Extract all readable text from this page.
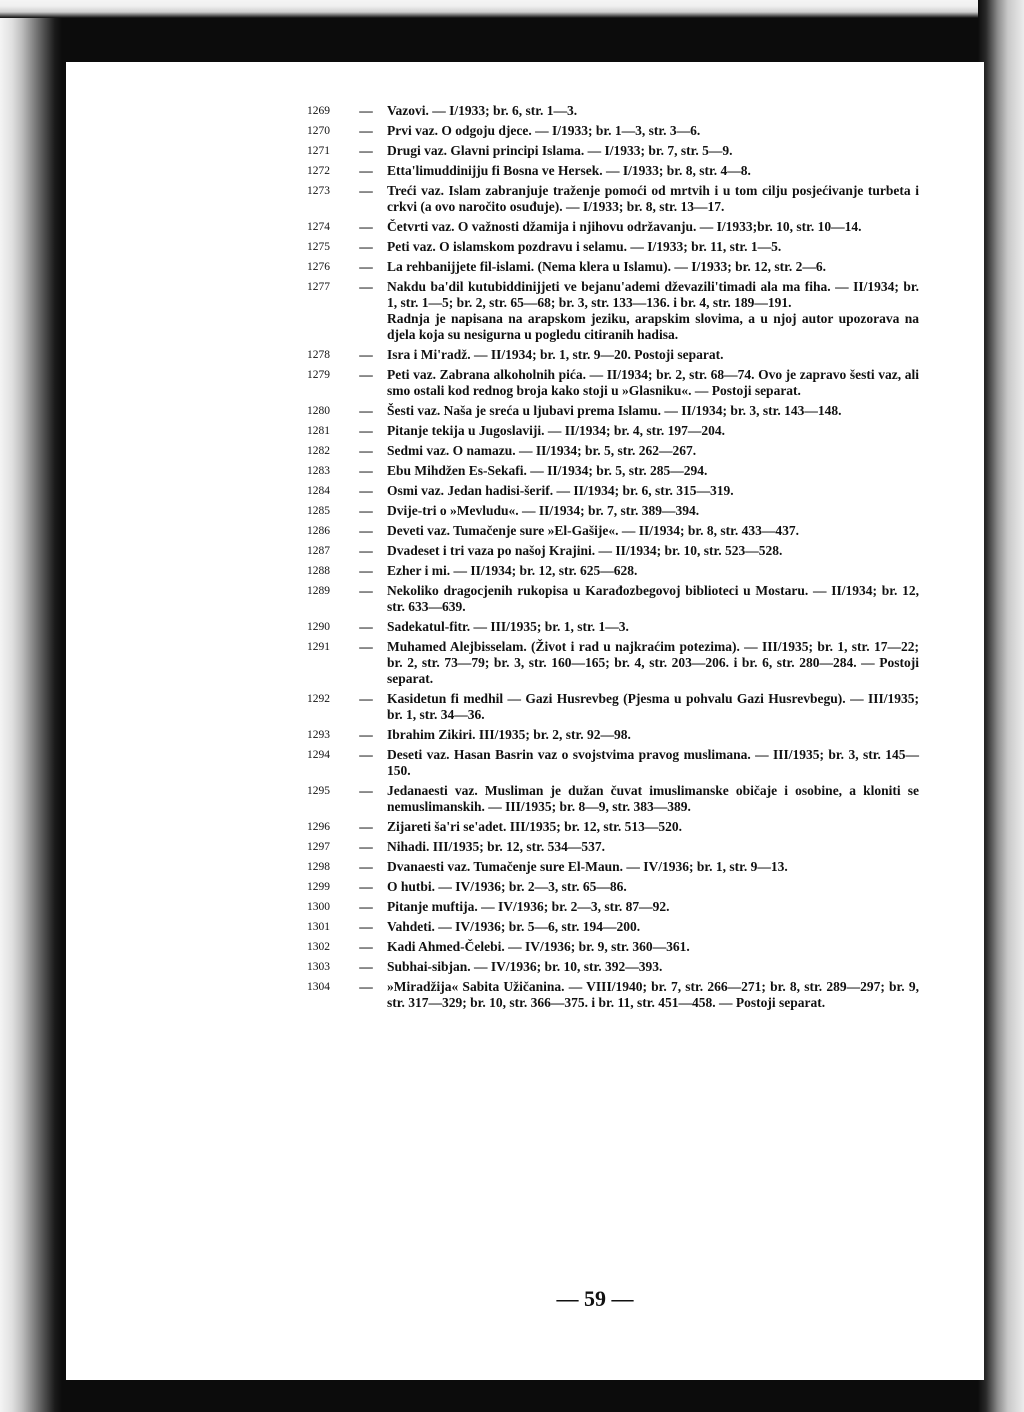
1269	—	Vazovi. — I/1933; br. 6, str. 1—3.
1270	—	Prvi vaz. O odgoju djece. — I/1933; br. 1—3, str. 3—6.
1271	—	Drugi vaz. Glavni principi Islama. — I/1933; br. 7, str. 5—9.
1272	—	Etta'limuddinijju fi Bosna ve Hersek. — I/1933; br. 8, str. 4—8.
1273	—	Treći vaz. Islam zabranjuje traženje pomoći od mrtvih i u tom cilju posjećivanje turbeta i crkvi (a ovo naročito osuđuje). — I/1933; br. 8, str. 13—17.
1274	—	Četvrti vaz. O važnosti džamija i njihovu održavanju. — I/1933;br. 10, str. 10—14.
1275	—	Peti vaz. O islamskom pozdravu i selamu. — I/1933; br. 11, str. 1—5.
1276	—	La rehbanijjete fil-islami. (Nema klera u Islamu). — I/1933; br. 12, str. 2—6.
1277	—	Nakdu ba'dil kutubiddinijjeti ve bejanu'ademi dževazili'timadi ala ma fiha. — II/1934; br. 1, str. 1—5; br. 2, str. 65—68; br. 3, str. 133—136. i br. 4, str. 189—191.
Radnja je napisana na arapskom jeziku, arapskim slovima, a u njoj autor upozorava na djela koja su nesigurna u pogledu citiranih hadisa.
1278	—	Isra i Mi'radž. — II/1934; br. 1, str. 9—20. Postoji separat.
1279	—	Peti vaz. Zabrana alkoholnih pića. — II/1934; br. 2, str. 68—74. Ovo je zapravo šesti vaz, ali smo ostali kod rednog broja kako stoji u »Glasniku«. — Postoji separat.
1280	—	Šesti vaz. Naša je sreća u ljubavi prema Islamu. — II/1934; br. 3, str. 143—148.
1281	—	Pitanje tekija u Jugoslaviji. — II/1934; br. 4, str. 197—204.
1282	—	Sedmi vaz. O namazu. — II/1934; br. 5, str. 262—267.
1283	—	Ebu Mihdžen Es-Sekafi. — II/1934; br. 5, str. 285—294.
1284	—	Osmi vaz. Jedan hadisi-šerif. — II/1934; br. 6, str. 315—319.
1285	—	Dvije-tri o »Mevludu«. — II/1934; br. 7, str. 389—394.
1286	—	Deveti vaz. Tumačenje sure »El-Gašije«. — II/1934; br. 8, str. 433—437.
1287	—	Dvadeset i tri vaza po našoj Krajini. — II/1934; br. 10, str. 523—528.
1288	—	Ezher i mi. — II/1934; br. 12, str. 625—628.
1289	—	Nekoliko dragocjenih rukopisa u Karađozbegovoj biblioteci u Mostaru. — II/1934; br. 12, str. 633—639.
1290	—	Sadekatul-fitr. — III/1935; br. 1, str. 1—3.
1291	—	Muhamed Alejbisselam. (Život i rad u najkraćim potezima). — III/1935; br. 1, str. 17—22; br. 2, str. 73—79; br. 3, str. 160—165; br. 4, str. 203—206. i br. 6, str. 280—284. — Postoji separat.
1292	—	Kasidetun fi medhil — Gazi Husrevbeg (Pjesma u pohvalu Gazi Husrevbegu). — III/1935; br. 1, str. 34—36.
1293	—	Ibrahim Zikiri. III/1935; br. 2, str. 92—98.
1294	—	Deseti vaz. Hasan Basrin vaz o svojstvima pravog muslimana. — III/1935; br. 3, str. 145—150.
1295	—	Jedanaesti vaz. Musliman je dužan čuvat imuslimanske običaje i osobine, a kloniti se nemuslimanskih. — III/1935; br. 8—9, str. 383—389.
1296	—	Zijareti ša'ri se'adet. III/1935; br. 12, str. 513—520.
1297	—	Nihadi. III/1935; br. 12, str. 534—537.
1298	—	Dvanaesti vaz. Tumačenje sure El-Maun. — IV/1936; br. 1, str. 9—13.
1299	—	O hutbi. — IV/1936; br. 2—3, str. 65—86.
1300	—	Pitanje muftija. — IV/1936; br. 2—3, str. 87—92.
1301	—	Vahdeti. — IV/1936; br. 5—6, str. 194—200.
1302	—	Kadi Ahmed-Čelebi. — IV/1936; br. 9, str. 360—361.
1303	—	Subhai-sibjan. — IV/1936; br. 10, str. 392—393.
1304	—	»Miradžija« Sabita Užičanina. — VIII/1940; br. 7, str. 266—271; br. 8, str. 289—297; br. 9, str. 317—329; br. 10, str. 366—375. i br. 11, str. 451—458. — Postoji separat.
— 59 —
